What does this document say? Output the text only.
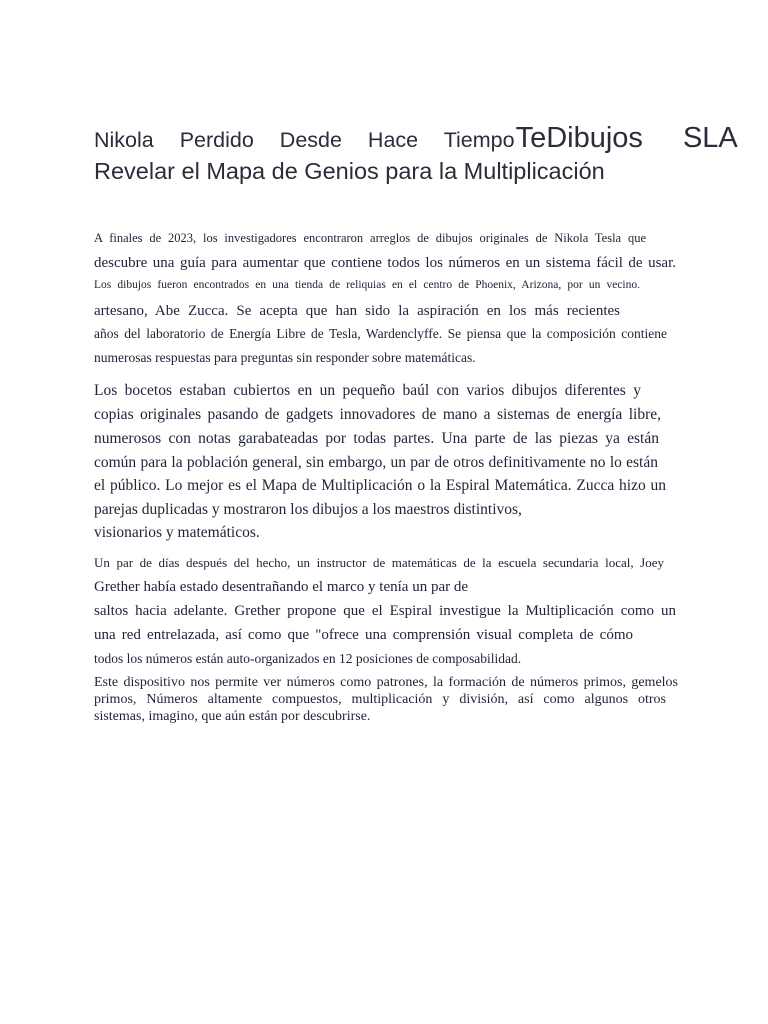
Nikola Perdido Desde Hace Tiempo TeDibujos SLA
Revelar el Mapa de Genios para la Multiplicación
A finales de 2023, los investigadores encontraron arreglos de dibujos originales de Nikola Tesla que
descubre una guía para aumentar que contiene todos los números en un sistema fácil de usar.
Los dibujos fueron encontrados en una tienda de reliquias en el centro de Phoenix, Arizona, por un vecino.
artesano, Abe Zucca. Se acepta que han sido la aspiración en los más recientes
años del laboratorio de Energía Libre de Tesla, Wardenclyffe. Se piensa que la composición contiene
numerosas respuestas para preguntas sin responder sobre matemáticas.
Los bocetos estaban cubiertos en un pequeño baúl con varios dibujos diferentes y
copias originales pasando de gadgets innovadores de mano a sistemas de energía libre,
numerosos con notas garabateadas por todas partes. Una parte de las piezas ya están
común para la población general, sin embargo, un par de otros definitivamente no lo están
el público. Lo mejor es el Mapa de Multiplicación o la Espiral Matemática. Zucca hizo un
parejas duplicadas y mostraron los dibujos a los maestros distintivos,
visionarios y matemáticos.
Un par de días después del hecho, un instructor de matemáticas de la escuela secundaria local, Joey
Grether había estado desentrañando el marco y tenía un par de
saltos hacia adelante. Grether propone que el Espiral investigue la Multiplicación como un
una red entrelazada, así como que "ofrece una comprensión visual completa de cómo
todos los números están auto-organizados en 12 posiciones de composabilidad.
Este dispositivo nos permite ver números como patrones, la formación de números primos, gemelos
primos, Números altamente compuestos, multiplicación y división, así como algunos otros
sistemas, imagino, que aún están por descubrirse.
